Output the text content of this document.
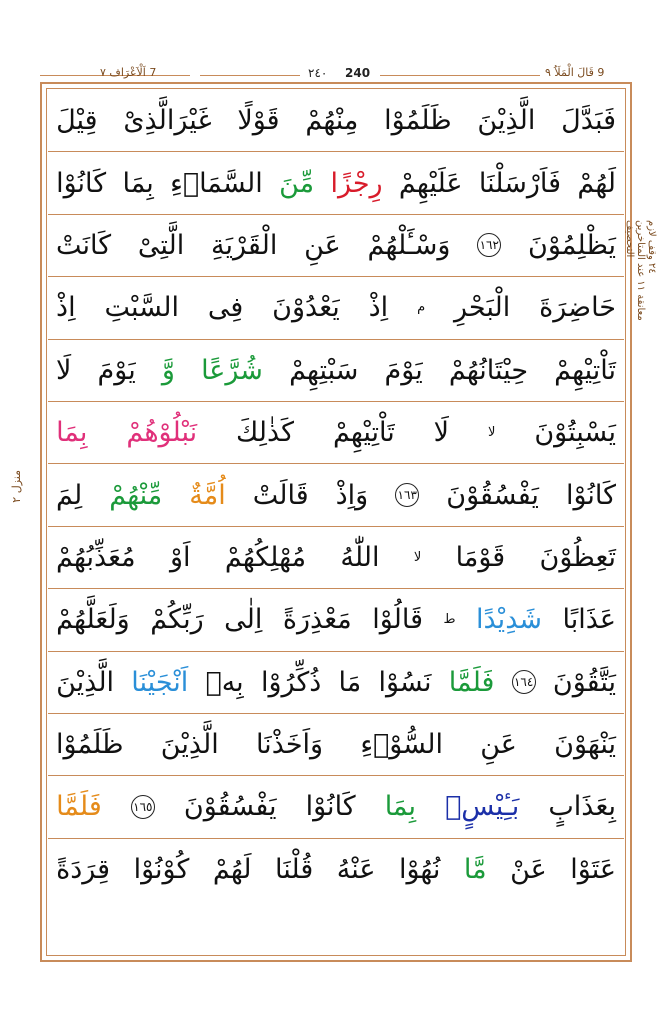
7 اَلْاَعْرَاف ٧	٢٤٠ 240	9 قَالَ الْمَلَاُ ٩
فَبَدَّلَ
الَّذِيْنَ
ظَلَمُوْا
مِنْهُمْ
قَوْلًا
غَيْرَالَّذِىْ
قِيْلَ
لَهُمْ
فَاَرْسَلْنَا
عَلَيْهِمْ
رِجْزًا
مِّنَ
السَّمَاۗءِ
بِمَا
كَانُوْا
يَظْلِمُوْنَ
١٦٢
وَسْـَٔلْهُمْ
عَنِ
الْقَرْيَةِ
الَّتِىْ
كَانَتْ
حَاضِرَةَ
الْبَحْرِ
م
اِذْ
يَعْدُوْنَ
فِى
السَّبْتِ
اِذْ
تَاْتِيْهِمْ
حِيْتَانُهُمْ
يَوْمَ
سَبْتِهِمْ
شُرَّعًا
وَّ
يَوْمَ
لَا
يَسْبِتُوْنَ
لا
لَا
تَاْتِيْهِمْ
كَذٰلِكَ
نَبْلُوْهُمْ
بِمَا
كَانُوْا
يَفْسُقُوْنَ
١٦٣
وَاِذْ
قَالَتْ
اُمَّةٌ
مِّنْهُمْ
لِمَ
تَعِظُوْنَ
قَوْمَا
لا
اللّٰهُ
مُهْلِكُهُمْ
اَوْ
مُعَذِّبُهُمْ
عَذَابًا
شَدِيْدًا
ط
قَالُوْا
مَعْذِرَةً
اِلٰى
رَبِّكُمْ
وَلَعَلَّهُمْ
يَتَّقُوْنَ
١٦٤
فَلَمَّا
نَسُوْا
مَا
ذُكِّرُوْا
بِهٖ
اَنْجَيْنَا
الَّذِيْنَ
يَنْهَوْنَ
عَنِ
السُّوْۗءِ
وَاَخَذْنَا
الَّذِيْنَ
ظَلَمُوْا
بِعَذَابٍ
بَـِٔيْسٍۢ
بِمَا
كَانُوْا
يَفْسُقُوْنَ
١٦٥
فَلَمَّا
عَتَوْا
عَنْ
مَّا
نُهُوْا
عَنْهُ
قُلْنَا
لَهُمْ
كُوْنُوْا
قِرَدَةً
منزل ٢
٢٤ وقف لازم
معانقة ١١ عند المتاخرين
التحصيف
